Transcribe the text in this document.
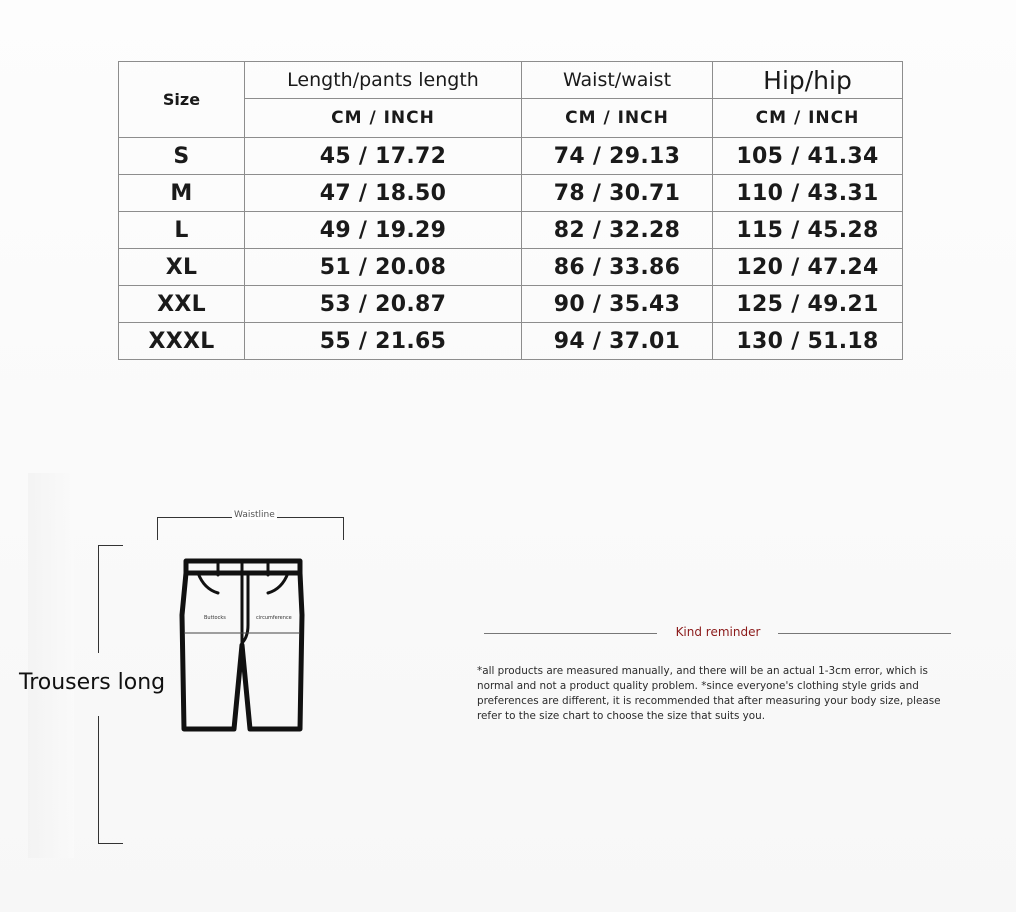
Size	Length/pants length	Waist/waist	Hip/hip
	CM / INCH	CM / INCH	CM / INCH
S	45 / 17.72	74 / 29.13	105 / 41.34
M	47 / 18.50	78 / 30.71	110 / 43.31
L	49 / 19.29	82 / 32.28	115 / 45.28
XL	51 / 20.08	86 / 33.86	120 / 47.24
XXL	53 / 20.87	90 / 35.43	125 / 49.21
XXXL	55 / 21.65	94 / 37.01	130 / 51.18
Waistline
Trousers long
Buttocks	circumference
Kind reminder
*all products are measured manually, and there will be an actual 1-3cm error, which is normal and not a product quality problem. *since everyone's clothing style grids and preferences are different, it is recommended that after measuring your body size, please refer to the size chart to choose the size that suits you.
